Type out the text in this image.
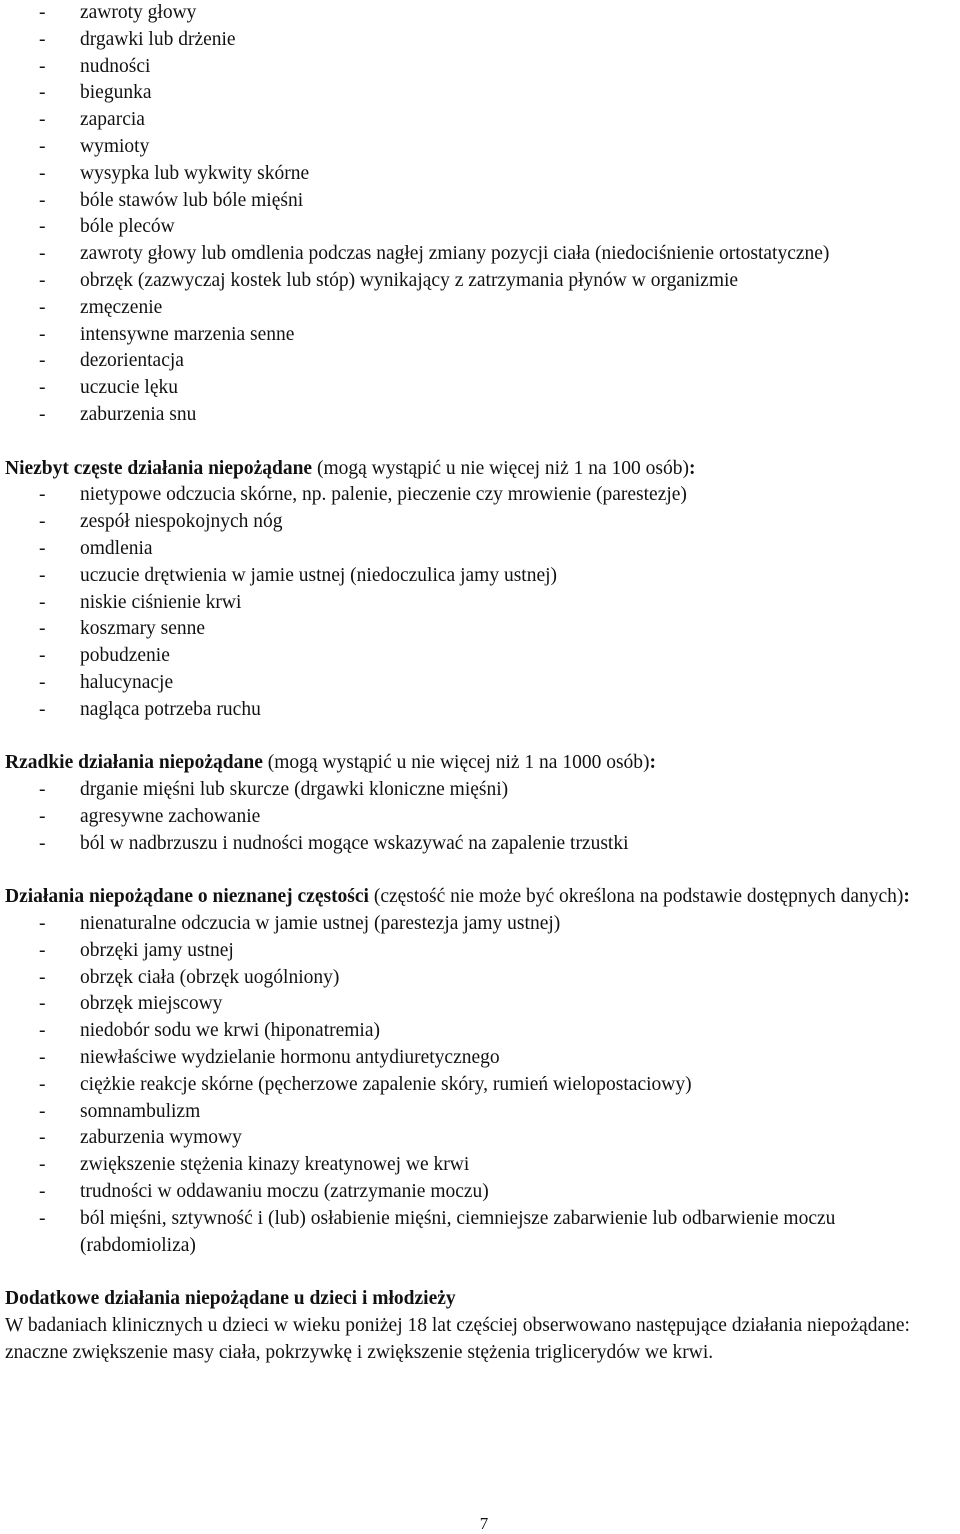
- zawroty głowy
- drgawki lub drżenie
- nudności
- biegunka
- zaparcia
- wymioty
- wysypka lub wykwity skórne
- bóle stawów lub bóle mięśni
- bóle pleców
- zawroty głowy lub omdlenia podczas nagłej zmiany pozycji ciała (niedociśnienie ortostatyczne)
- obrzęk (zazwyczaj kostek lub stóp) wynikający z zatrzymania płynów w organizmie
- zmęczenie
- intensywne marzenia senne
- dezorientacja
- uczucie lęku
- zaburzenia snu
Niezbyt częste działania niepożądane (mogą wystąpić u nie więcej niż 1 na 100 osób):
- nietypowe odczucia skórne, np. palenie, pieczenie czy mrowienie (parestezje)
- zespół niespokojnych nóg
- omdlenia
- uczucie drętwienia w jamie ustnej (niedoczulica jamy ustnej)
- niskie ciśnienie krwi
- koszmary senne
- pobudzenie
- halucynacje
- nagląca potrzeba ruchu
Rzadkie działania niepożądane (mogą wystąpić u nie więcej niż 1 na 1000 osób):
- drganie mięśni lub skurcze (drgawki kloniczne mięśni)
- agresywne zachowanie
- ból w nadbrzuszu i nudności mogące wskazywać na zapalenie trzustki
Działania niepożądane o nieznanej częstości (częstość nie może być określona na podstawie dostępnych danych):
- nienaturalne odczucia w jamie ustnej (parestezja jamy ustnej)
- obrzęki jamy ustnej
- obrzęk ciała (obrzęk uogólniony)
- obrzęk miejscowy
- niedobór sodu we krwi (hiponatremia)
- niewłaściwe wydzielanie hormonu antydiuretycznego
- ciężkie reakcje skórne (pęcherzowe zapalenie skóry, rumień wielopostaciowy)
- somnambulizm
- zaburzenia wymowy
- zwiększenie stężenia kinazy kreatynowej we krwi
- trudności w oddawaniu moczu (zatrzymanie moczu)
- ból mięśni, sztywność i (lub) osłabienie mięśni, ciemniejsze zabarwienie lub odbarwienie moczu (rabdomioliza)
Dodatkowe działania niepożądane u dzieci i młodzieży

W badaniach klinicznych u dzieci w wieku poniżej 18 lat częściej obserwowano następujące działania niepożądane: znaczne zwiększenie masy ciała, pokrzywkę i zwiększenie stężenia triglicerydów we krwi.

7
